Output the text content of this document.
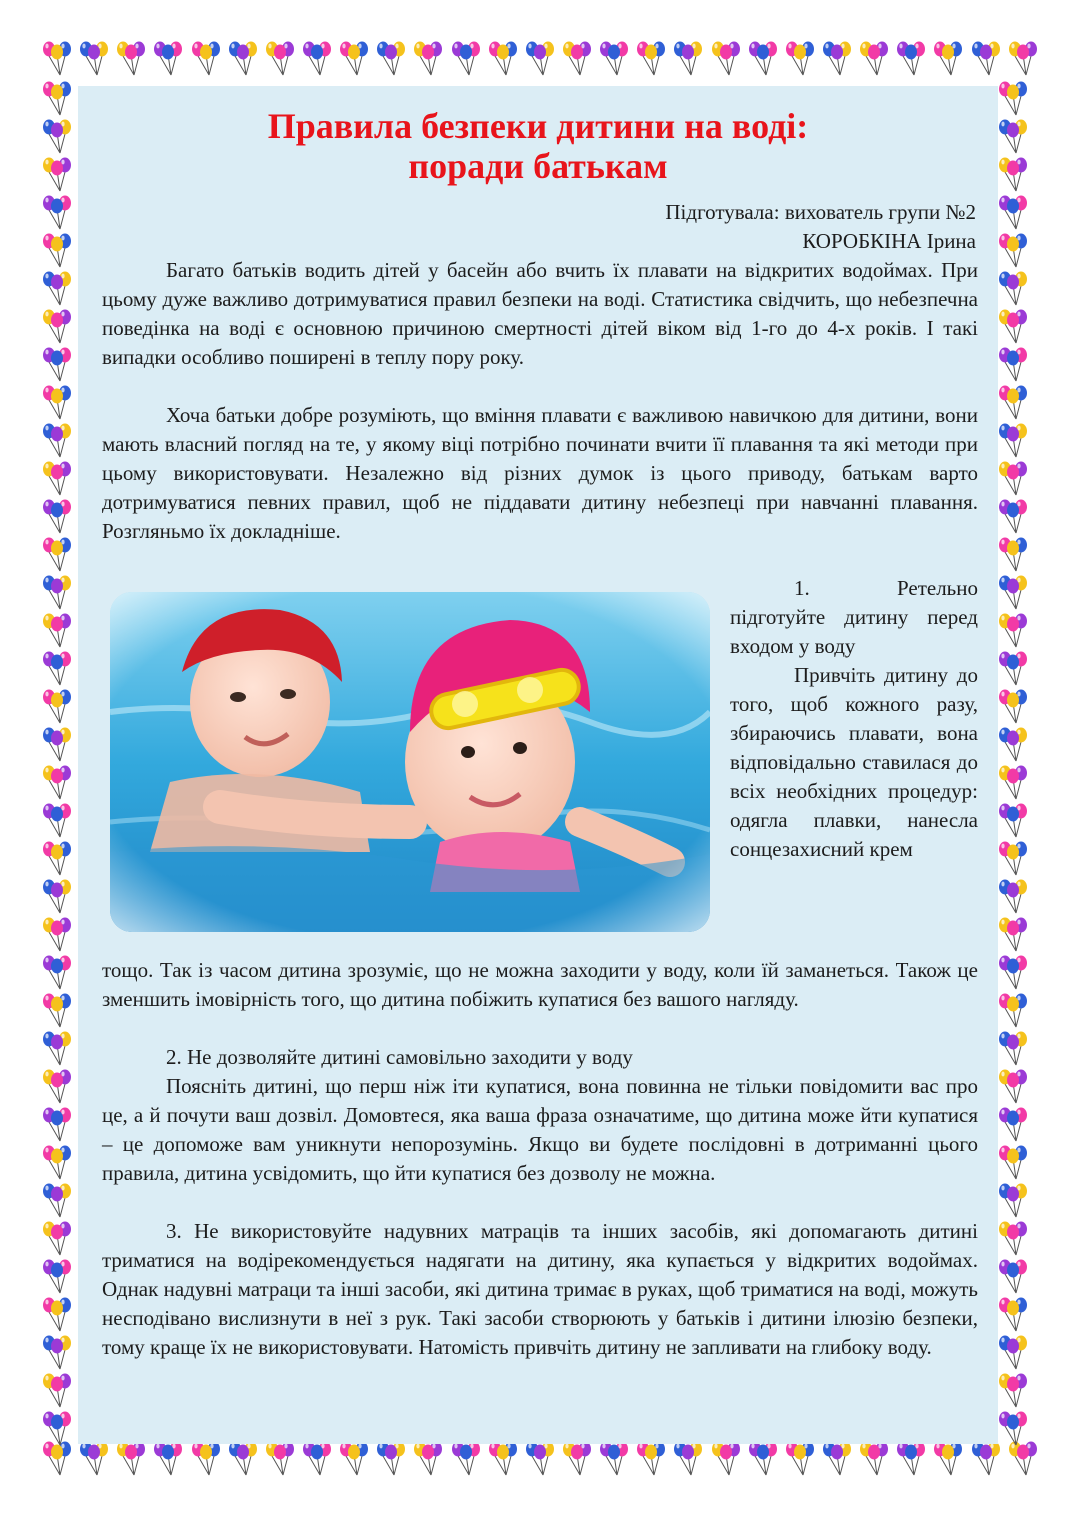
Правила безпеки дитини на воді:
поради батькам
Підготувала: вихователь групи №2
КОРОБКІНА Ірина

Багато батьків водить дітей у басейн або вчить їх плавати на відкритих водоймах. При цьому дуже важливо дотримуватися правил безпеки на воді. Статистика свідчить, що небезпечна поведінка на воді є основною причиною смертності дітей віком від 1-го до 4-х років. І такі випадки особливо поширені в теплу пору року.

Хоча батьки добре розуміють, що вміння плавати є важливою навичкою для дитини, вони мають власний погляд на те, у якому віці потрібно починати вчити її плавання та які методи при цьому використовувати. Незалежно від різних думок із цього приводу, батькам варто дотримуватися певних правил, щоб не піддавати дитину небезпеці при навчанні плавання. Розгляньмо їх докладніше.

1. Ретельно підготуйте дитину перед входом у воду

Привчіть дитину до того, щоб кожного разу, збираючись плавати, вона відповідально ставилася до всіх необхідних процедур: одягла плавки, нанесла сонцезахисний крем

тощо. Так із часом дитина зрозуміє, що не можна заходити у воду, коли їй заманеться. Також це зменшить імовірність того, що дитина побіжить купатися без вашого нагляду.

2. Не дозволяйте дитині самовільно заходити у воду

Поясніть дитині, що перш ніж іти купатися, вона повинна не тільки повідомити вас про це, а й почути ваш дозвіл. Домовтеся, яка ваша фраза означатиме, що дитина може йти купатися – це допоможе вам уникнути непорозумінь. Якщо ви будете послідовні в дотриманні цього правила, дитина усвідомить, що йти купатися без дозволу не можна.

3. Не використовуйте надувних матраців та інших засобів, які допомагають дитині триматися на водірекомендується надягати на дитину, яка купається у відкритих водоймах. Однак надувні матраци та інші засоби, які дитина тримає в руках, щоб триматися на воді, можуть несподівано вислизнути в неї з рук. Такі засоби створюють у батьків і дитини ілюзію безпеки, тому краще їх не використовувати. Натомість привчіть дитину не запливати на глибоку воду.
